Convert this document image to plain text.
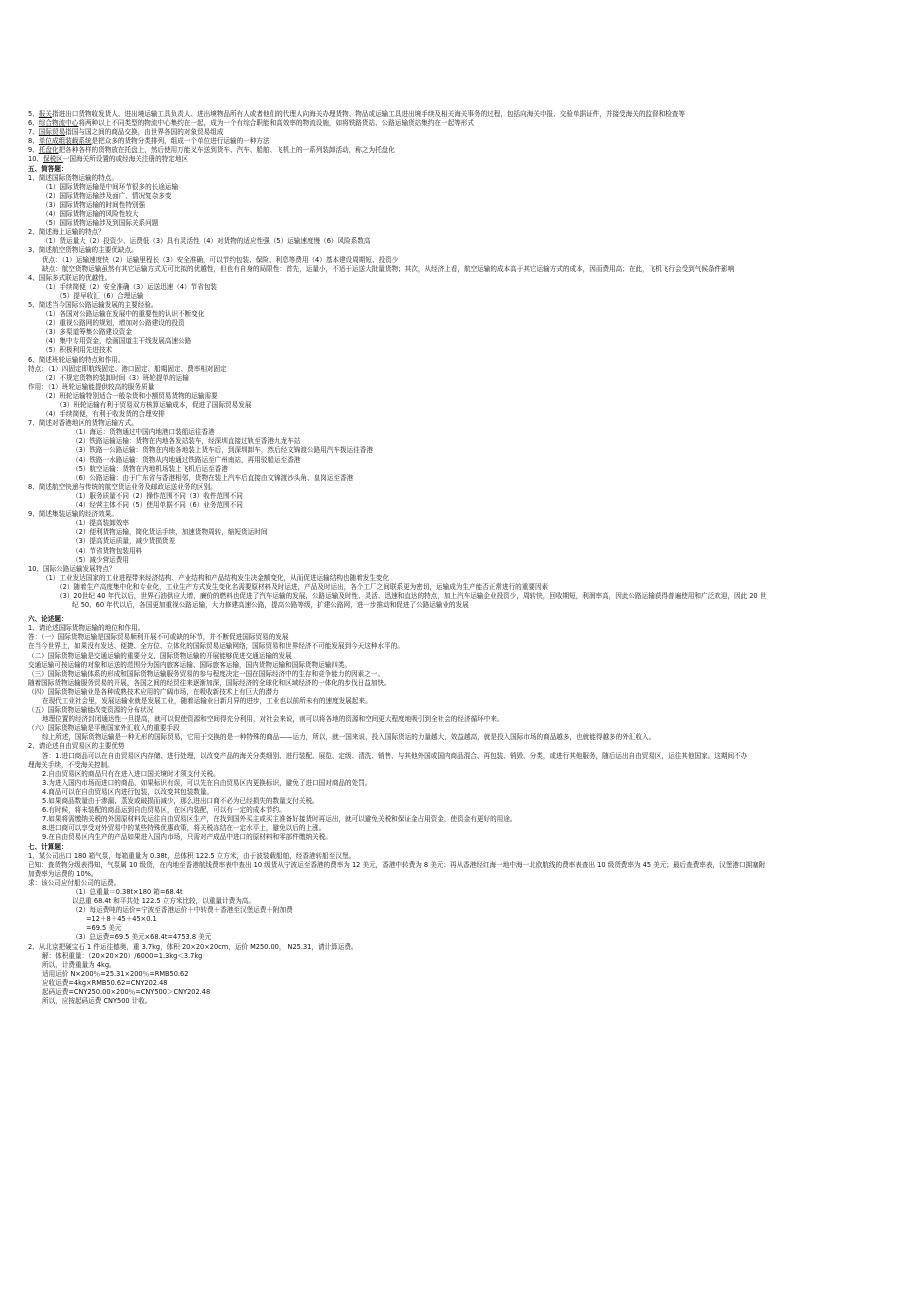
www.zixin.com.cn
5、报关指进出口货物收发货人、进出境运输工具负责人、进出境物品所有人或者他们的代理人向海关办理货物、物品或运输工具进出境手续及相关海关事务的过程，包括向海关申报、交验单据证件，并接受海关的监督和检查等
6、综合物流中心将两种以上不同类型的物流中心集约在一起，成为一个有综合职能和高效率的物流设施，如将铁路货站、公路运输货站集约在一起等形式
7、国际贸易指国与国之间的商品交换，由世界各国的对象贸易组成
8、单位成组装载系统是把众多的货物分类排列，组成一个单位进行运输的一种方法
9、托盘化把各种各样的货物放在托盘上，然后使用万能叉车送到货车、汽车、船舶、飞机上的一系列装卸活动，称之为托盘化
10、保税区一国海关所设置的或经海关注册的特定地区
五、简答题：
1、简述国际货物运输的特点。
（1）国际货物运输是中间环节很多的长途运输
（2）国际货物运输涉及面广、情况复杂多变
（3）国际货物运输的时间性特别强
（4）国际货物运输的风险性较大
（5）国际货物运输涉及到国际关系问题
2、简述海上运输的特点？
（1）货运量大（2）投资少、运费低（3）具有灵活性（4）对货物的适应性强（5）运输速度慢（6）风险系数高
3、简述航空货物运输的主要优缺点。
优点：（1）运输速度快（2）运输里程长（3）安全准确，可以节约包装、保险、利息等费用（4）基本建设周期短、投资少
缺点：航空货物运输虽然有其它运输方式无可比拟的优越性，但也有自身的局限性：首先，运量小，不适于运送大批量货物；其次，从经济上看，航空运输的成本高于其它运输方式的成本，因而费用高；在此，飞机飞行会受到气候条件影响
4、国际多式联运的优越性。
（1）手续简便（2）安全准确（3）运送迅速（4）节省包装
（5）提早收汇（6）合理运输
5、简述当今国际公路运输发展的主要经验。
（1）各国对公路运输在发展中的重要性的认识不断变化
（2）重视公路网的规划，增加对公路建设的投资
（3）多渠道筹集公路建设资金
（4）集中专用资金，绘画国道主干线发展高速公路
（5）积极利用先进技术
6、简述班轮运输的特点和作用。
特点：（1）四固定即航线固定、港口固定、船期固定、费率相对固定
（2）不规定货物的装卸时间（3）班轮提单的运输
作用：（1）班轮运输能提供较高的服务质量
（2）班轮运输特别适合一般杂货和小额贸易货物的运输需要
（3）班轮运输有利于贸易双方核算运输成本，促进了国际贸易发展
（4）手续简便，有利于收发货的合理安排
7、简述对香港地区的货物运输方式。
（1）海运：货物通过中国内地港口装船运往香港
（2）铁路运输运输：货物在内地各发站装车，经深圳直接过轨至香港九龙车站
（3）铁路一公路运输：货物在内地各地装上货车后，到深圳卸车，然后经文锦渡公路用汽车拨运往香港
（4）铁路一水路运输：货物从内地通过铁路运至广州南站，再用驳船运至香港
（5）航空运输：货物在内地机场装上飞机后运至香港
（6）公路运输：由于广东省与香港相邻，货物在装上汽车后直接由文锦渡沙头角、皇岗运至香港
8、简述航空快递与传统的航空货运业务及邮政运送业务的区别。
（1）服务质量不同（2）操作范围不同（3）收件范围不同
（4）经营主体不同（5）使用单据不同（6）业务范围不同
9、简述集装运输的经济效果。
（1）提高装卸效率
（2）便利货物运输，简化货运手续，加速货物周转，缩短货运时间
（3）提高货运质量，减少货损货差
（4）节省货物包装用料
（5）减少营运费用
10、国际公路运输发展特点？
（1）工业发达国家的工业进程带来经济结构、产业结构和产品结构发生决金额变化，从而促进运输结构也随着发生变化
（2）随着生产高度集中化和专业化，工业生产方式发生变化名需要原材料及时运进，产品及时运出，各个工厂之间联系更为密切，运输成为生产能否正常进行的重要因素
（3）20世纪 40 年代以后，世界石油供应大增，廉价的燃料也促进了汽车运输的发展，公路运输及时性、灵活、迅速和直达的特点，加上汽车运输企业投资少，周转快，回收期短，利润率高，因此公路运输获得普遍使用和广泛欢迎，因此 20 世
纪 50、60 年代以后，各国更加重视公路运输，大力修建高速公路，提高公路等级，扩建公路网，进一步推动和促进了公路运输业的发展
六、论述题：
1、请论述国际货物运输的地位和作用。
答：（一）国际货物运输是国际贸易顺利开展不可或缺的环节，并不断促进国际贸易的发展
在当今世界上，如果没有发达、便捷、全方位、立体化的国际贸易运输网络，国际贸易和世界经济不可能发展到今天这种水平的。
（二）国际货物运输是交通运输的重要分支，国际货物运输的开展能够促进交通运输的发展
交通运输可按运输的对象和运送的范围分为国内旅客运输、国际旅客运输，国内货物运输和国际货物运输四类。
（三）国际货物运输体系的形成和国际货物运输服务贸易的参与程度决定一国在国际经济中的生存和竞争能力的因素之一。
随着国际货物运输服务贸易的开展，各国之间的经贸往来逐渐加深，国际经济的全球化和区域经济的一体化的步伐日益加快。
（四）国际货物运输业是各种成熟技术应用的广阔市场，在吸收新技术上有巨大的潜力
在现代工业社会里，发展运输业就是发展工业，随着运输业日新月异的进步，工业也以前所未有的速度发展起来。
（五）国际货物运输能改变资源的分布状况
地理位置的经济封闭通达性一旦提高，就可以促使资源和空间得充分利用，对社会来说，则可以将各地的资源和空间更大程度地吸引到全社会的经济循环中来。
（六）国际货物运输是平衡国家外汇收入的重要手段
综上所述，国际货物运输是一种无形的国际贸易，它用于交换的是一种特殊的商品——运力，所以，就一国来说，投入国际货运的力量越大，效益越高，就是投入国际市场的商品越多，也就能得越多的外汇收入。
2、请论述自由贸易区的主要优势
答：1.进口商品可以在自由贸易区内存储、进行处理，以改变产品的海关分类细别、进行装配、展览、定级、清洗、销售、与其他外国或国内商品混合、再包装、销毁、分类，或进行其他服务，随后运出自由贸易区，运往其他国家。这期间不办
理海关手续，不受海关控制。
2.自由贸易区的商品只有在进入进口国关境时才须支付关税。
3.为进入国内市场而进口的商品，如果标识有误，可以先在自由贸易区内更换标识，避免了进口国对商品的处罚。
4.商品可以在自由贸易区内进行包装，以改变其包装数量。
5.如果商品数量由于渗漏、蒸发或破损而减少，那么进出口商不必为已经损失的数量支付关税。
6.有时候，将未装配的商品运到自由贸易区，在区内装配，可以有一定的成本节约。
7.如果将需缴纳关税的外国原材料先运往自由贸易区生产，在找到国外买主或买主准备好接货时再运出，就可以避免关税和保证金占用资金，使资金有更好的用途。
8.进口商可以享受对外贸易中的某些特殊优惠政策，将关税冻结在一定水平上，避免以后的上涨。
9.在自由贸易区内生产的产品如果进入国内市场，只需对产成品中进口的原材料和零部件缴纳关税。
七、计算题：
1、某公司出口 180 箱气泵，每箱重量为 0.38t，总体积 122.5 立方米，由于波装载船舶，经香港转船至汉堡。
已知：查货物分级表得知，气泵属 10 级货，在内地至香港航线费率表中查出 10 级货从宁波运至香港的费率为 12 美元，香港中转费为 8 美元；再从香港经红海一地中海一北欧航线的费率表查出 10 级货费率为 45 美元；最后查费率表，汉堡港口拥塞附
加费率为运费的 10%。
求：该公司应付船公司的运费。
（1）总重量＝0.38t×180 箱=68.4t
以总重 68.4t 和平共处 122.5 立方米比较，以重量计费为高。
（2）每运费吨的运价=宁波至香港运价＋中转费＋香港至汉堡运费＋附加费
=12＋8＋45＋45×0.1
=69.5 美元
（3）总运费=69.5 美元×68.4t=4753.8 美元
2、从北京把硬宝石 1 件运往德奥，重 3.7kg，体积 20×20×20cm，运价 M250.00， N25.31，请计算运费。
解：体积重量：（20×20×20）/6000=1.3kg＜3.7kg
所以，计费重量为 4kg。
适用运价 N×200％=25.31×200％=RMB50.62
应收运费=4kg×RMB50.62=CNY202.48
起码运费=CNY250.00×200％=CNY500＞CNY202.48
所以，应按起码运费 CNY500 计收。
